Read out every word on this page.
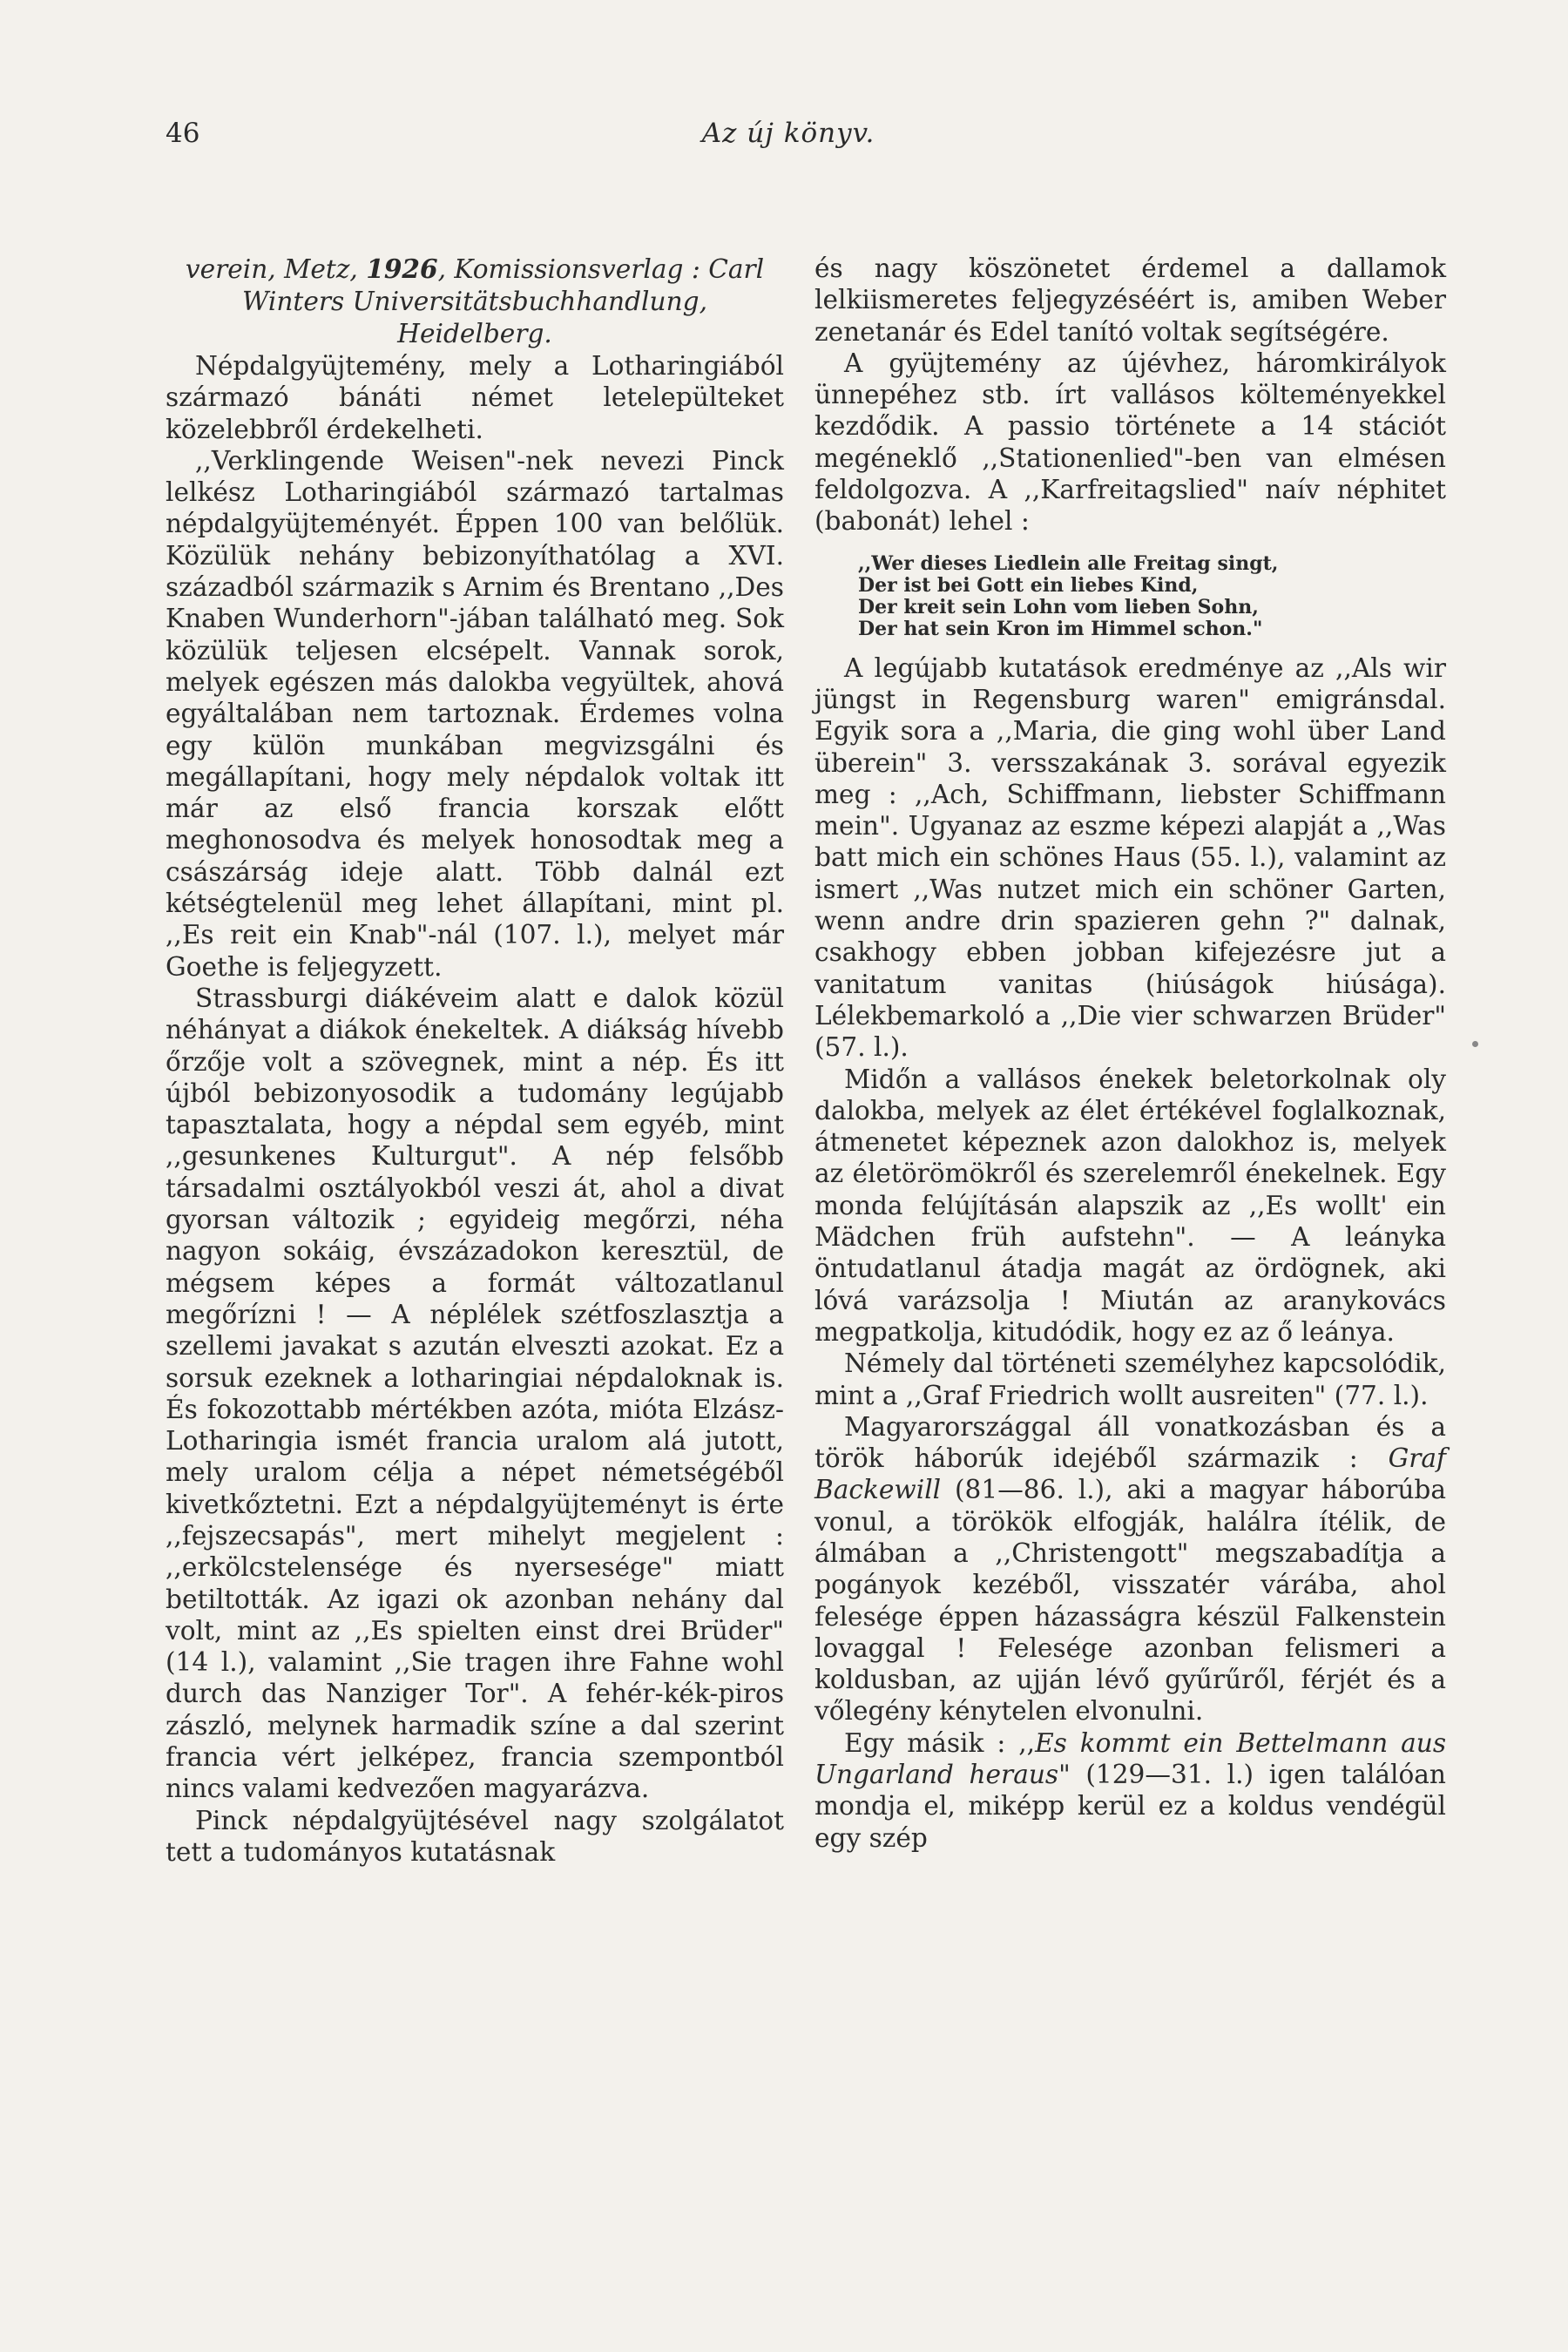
46	Az új könyv.

verein, Metz, 1926, Komissionsverlag : Carl Winters Universitätsbuchhandlung, Heidelberg.

Népdalgyüjtemény, mely a Lotharingiából származó bánáti német letelepülteket közelebbről érdekelheti.

,,Verklingende Weisen"-nek nevezi Pinck lelkész Lotharingiából származó tartalmas népdalgyüjteményét. Éppen 100 van belőlük. Közülük nehány bebizonyíthatólag a XVI. századból származik s Arnim és Brentano ,,Des Knaben Wunderhorn"-jában található meg. Sok közülük teljesen elcsépelt. Vannak sorok, melyek egészen más dalokba vegyültek, ahová egyáltalában nem tartoznak. Érdemes volna egy külön munkában megvizsgálni és megállapítani, hogy mely népdalok voltak itt már az első francia korszak előtt meghonosodva és melyek honosodtak meg a császárság ideje alatt. Több dalnál ezt kétségtelenül meg lehet állapítani, mint pl. ,,Es reit ein Knab"-nál (107. l.), melyet már Goethe is feljegyzett.

Strassburgi diákéveim alatt e dalok közül néhányat a diákok énekeltek. A diákság hívebb őrzője volt a szövegnek, mint a nép. És itt újból bebizonyosodik a tudomány legújabb tapasztalata, hogy a népdal sem egyéb, mint ,,gesunkenes Kulturgut". A nép felsőbb társadalmi osztályokból veszi át, ahol a divat gyorsan változik ; egyideig megőrzi, néha nagyon sokáig, évszázadokon keresztül, de mégsem képes a formát változatlanul megőrízni ! — A néplélek szétfoszlasztja a szellemi javakat s azután elveszti azokat. Ez a sorsuk ezeknek a lotharingiai népdaloknak is. És fokozottabb mértékben azóta, mióta Elzász-Lotharingia ismét francia uralom alá jutott, mely uralom célja a népet németségéből kivetkőztetni. Ezt a népdalgyüjteményt is érte ,,fejszecsapás", mert mihelyt megjelent : ,,erkölcstelensége és nyersesége" miatt betiltották. Az igazi ok azonban nehány dal volt, mint az ,,Es spielten einst drei Brüder" (14 l.), valamint ,,Sie tragen ihre Fahne wohl durch das Nanziger Tor". A fehér-kék-piros zászló, melynek harmadik színe a dal szerint francia vért jelképez, francia szempontból nincs valami kedvezően magyarázva.

Pinck népdalgyüjtésével nagy szolgálatot tett a tudományos kutatásnak

és nagy köszönetet érdemel a dallamok lelkiismeretes feljegyzéséért is, amiben Weber zenetanár és Edel tanító voltak segítségére.

A gyüjtemény az újévhez, háromkirályok ünnepéhez stb. írt vallásos költeményekkel kezdődik. A passio története a 14 stációt megéneklő ,,Stationenlied"-ben van elmésen feldolgozva. A ,,Karfreitagslied" naív néphitet (babonát) lehel :

,,Wer dieses Liedlein alle Freitag singt,
Der ist bei Gott ein liebes Kind,
Der kreit sein Lohn vom lieben Sohn,
Der hat sein Kron im Himmel schon."

A legújabb kutatások eredménye az ,,Als wir jüngst in Regensburg waren" emigránsdal. Egyik sora a ,,Maria, die ging wohl über Land überein" 3. versszakának 3. sorával egyezik meg : ,,Ach, Schiffmann, liebster Schiffmann mein". Ugyanaz az eszme képezi alapját a ,,Was batt mich ein schönes Haus (55. l.), valamint az ismert ,,Was nutzet mich ein schöner Garten, wenn andre drin spazieren gehn ?" dalnak, csakhogy ebben jobban kifejezésre jut a vanitatum vanitas (hiúságok hiúsága). Lélekbemarkoló a ,,Die vier schwarzen Brüder" (57. l.).

Midőn a vallásos énekek beletorkolnak oly dalokba, melyek az élet értékével foglalkoznak, átmenetet képeznek azon dalokhoz is, melyek az életörömökről és szerelemről énekelnek. Egy monda felújításán alapszik az ,,Es wollt' ein Mädchen früh aufstehn". — A leányka öntudatlanul átadja magát az ördögnek, aki lóvá varázsolja ! Miután az aranykovács megpatkolja, kitudódik, hogy ez az ő leánya.

Némely dal történeti személyhez kapcsolódik, mint a ,,Graf Friedrich wollt ausreiten" (77. l.).

Magyarországgal áll vonatkozásban és a török háborúk idejéből származik : Graf Backewill (81—86. l.), aki a magyar háborúba vonul, a törökök elfogják, halálra ítélik, de álmában a ,,Christengott" megszabadítja a pogányok kezéből, visszatér várába, ahol felesége éppen házasságra készül Falkenstein lovaggal ! Felesége azonban felismeri a koldusban, az ujján lévő gyűrűről, férjét és a vőlegény kénytelen elvonulni.

Egy másik : ,,Es kommt ein Bettelmann aus Ungarland heraus" (129—31. l.) igen találóan mondja el, miképp kerül ez a koldus vendégül egy szép
